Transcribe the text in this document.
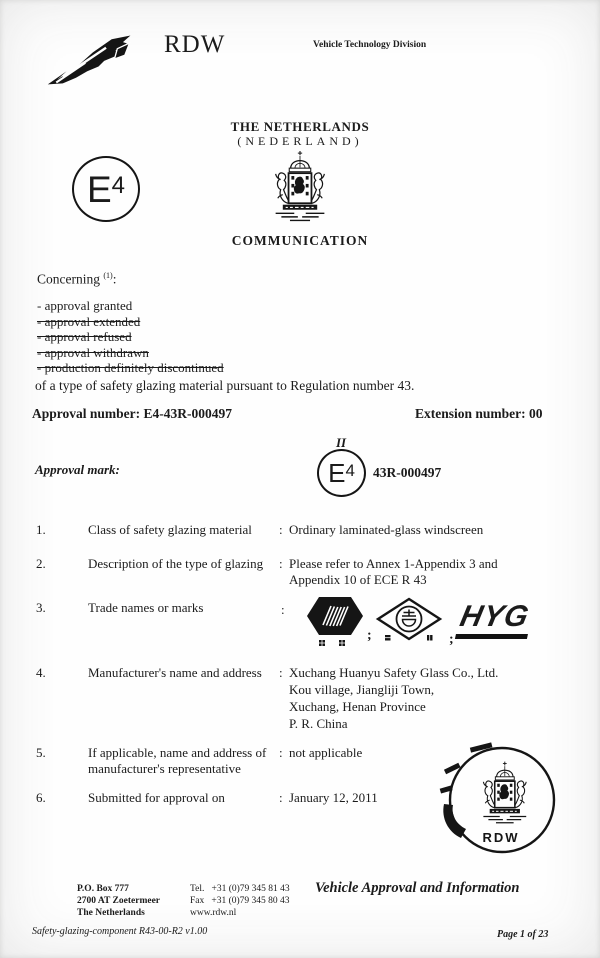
RDW	Vehicle Technology Division
THE NETHERLANDS
(NEDERLAND)
E 4
COMMUNICATION
Concerning $^{(1)}$:
- approval granted
- approval extended
- approval refused
- approval withdrawn
- production definitely discontinued
of a type of safety glazing material pursuant to Regulation number 43.
Approval number: E4-43R-000497	Extension number: 00
Approval mark:
II
E 4 43R-000497
1.	Class of safety glazing material : Ordinary laminated-glass windscreen
2.	Description of the type of glazing : Please refer to Annex 1-Appendix 3 and
Appendix 10 of ECE R 43
3.	Trade names or marks	:
;	;
HYG
4.	Manufacturer's name and address : Xuchang Huanyu Safety Glass Co., Ltd.
Kou village, Jiangliji Town,
Xuchang, Henan Province
P. R. China
5.	If applicable, name and address of
manufacturer's representative
: not applicable
6.	Submitted for approval on	: January 12, 2011
RDW
P.O. Box 777
2700 AT Zoetermeer
The Netherlands
Tel.   +31 (0)79 345 81 43
Fax   +31 (0)79 345 80 43
www.rdw.nl
Vehicle Approval and Information
Safety-glazing-component R43-00-R2 v1.00	Page 1 of 23
